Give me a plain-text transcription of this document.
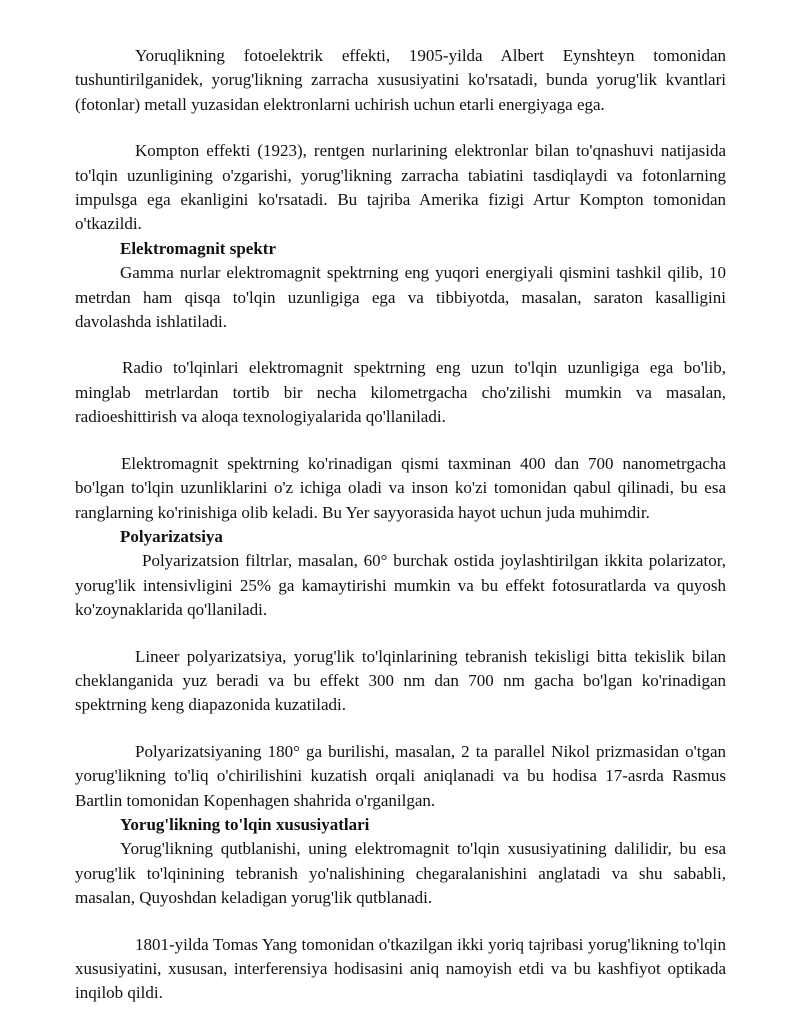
Yoruqlikning fotoelektrik effekti, 1905-yilda Albert Eynshteyn tomonidan tushuntirilganidek, yorug'likning zarracha xususiyatini ko'rsatadi, bunda yorug'lik kvantlari (fotonlar) metall yuzasidan elektronlarni uchirish uchun etarli energiyaga ega.

Kompton effekti (1923), rentgen nurlarining elektronlar bilan to'qnashuvi natijasida to'lqin uzunligining o'zgarishi, yorug'likning zarracha tabiatini tasdiqlaydi va fotonlarning impulsga ega ekanligini ko'rsatadi. Bu tajriba Amerika fizigi Artur Kompton tomonidan o'tkazildi.

Elektromagnit spektr

Gamma nurlar elektromagnit spektrning eng yuqori energiyali qismini tashkil qilib, 10 metrdan ham qisqa to'lqin uzunligiga ega va tibbiyotda, masalan, saraton kasalligini davolashda ishlatiladi.

Radio to'lqinlari elektromagnit spektrning eng uzun to'lqin uzunligiga ega bo'lib, minglab metrlardan tortib bir necha kilometrgacha cho'zilishi mumkin va masalan, radioeshittirish va aloqa texnologiyalarida qo'llaniladi.

Elektromagnit spektrning ko'rinadigan qismi taxminan 400 dan 700 nanometrgacha bo'lgan to'lqin uzunliklarini o'z ichiga oladi va inson ko'zi tomonidan qabul qilinadi, bu esa ranglarning ko'rinishiga olib keladi. Bu Yer sayyorasida hayot uchun juda muhimdir.

Polyarizatsiya

Polyarizatsion filtrlar, masalan, 60° burchak ostida joylashtirilgan ikkita polarizator, yorug'lik intensivligini 25% ga kamaytirishi mumkin va bu effekt fotosuratlarda va quyosh ko'zoynaklarida qo'llaniladi.

Lineer polyarizatsiya, yorug'lik to'lqinlarining tebranish tekisligi bitta tekislik bilan cheklanganida yuz beradi va bu effekt 300 nm dan 700 nm gacha bo'lgan ko'rinadigan spektrning keng diapazonida kuzatiladi.

Polyarizatsiyaning 180° ga burilishi, masalan, 2 ta parallel Nikol prizmasidan o'tgan yorug'likning to'liq o'chirilishini kuzatish orqali aniqlanadi va bu hodisa 17-asrda Rasmus Bartlin tomonidan Kopenhagen shahrida o'rganilgan.

Yorug'likning to'lqin xususiyatlari

Yorug'likning qutblanishi, uning elektromagnit to'lqin xususiyatining dalilidir, bu esa yorug'lik to'lqinining tebranish yo'nalishining chegaralanishini anglatadi va shu sababli, masalan, Quyoshdan keladigan yorug'lik qutblanadi.

1801-yilda Tomas Yang tomonidan o'tkazilgan ikki yoriq tajribasi yorug'likning to'lqin xususiyatini, xususan, interferensiya hodisasini aniq namoyish etdi va bu kashfiyot optikada inqilob qildi.
